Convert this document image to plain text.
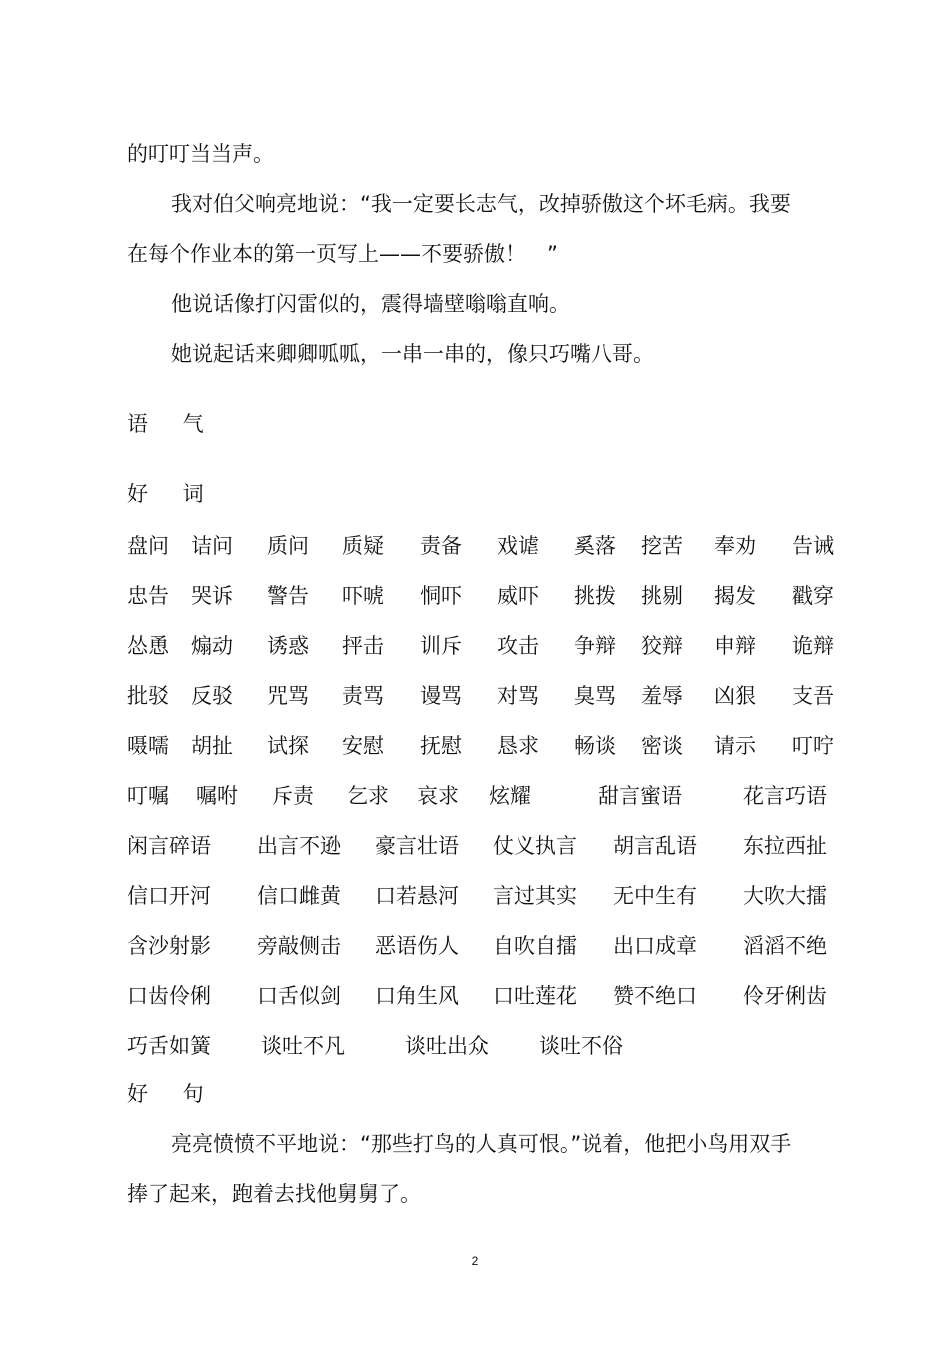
的叮叮当当声。
我对伯父响亮地说：“我一定要长志气，改掉骄傲这个坏毛病。我要
在每个作业本的第一页写上——不要骄傲！　”
他说话像打闪雷似的，震得墙壁嗡嗡直响。
她说起话来卿卿呱呱，一串一串的，像只巧嘴八哥。
语 气
好 词
盘问 诘问 质问 质疑 责备 戏谑 奚落 挖苦 奉劝 告诫
忠告 哭诉 警告 吓唬 恫吓 威吓 挑拨 挑剔 揭发 戳穿
怂恿 煽动 诱惑 抨击 训斥 攻击 争辩 狡辩 申辩 诡辩
批驳 反驳 咒骂 责骂 谩骂 对骂 臭骂 羞辱 凶狠 支吾
嗫嚅 胡扯 试探 安慰 抚慰 恳求 畅谈 密谈 请示 叮咛
叮嘱 嘱咐 斥责 乞求 哀求 炫耀	甜言蜜语	花言巧语
闲言碎语 出言不逊 豪言壮语 仗义执言 胡言乱语 东拉西扯
信口开河 信口雌黄 口若悬河 言过其实 无中生有 大吹大擂
含沙射影 旁敲侧击 恶语伤人 自吹自擂 出口成章 滔滔不绝
口齿伶俐 口舌似剑 口角生风 口吐莲花 赞不绝口 伶牙俐齿
巧舌如簧 谈吐不凡	谈吐出众 谈吐不俗
好 句
亮亮愤愤不平地说：“那些打鸟的人真可恨。”说着，他把小鸟用双手
捧了起来，跑着去找他舅舅了。
2
